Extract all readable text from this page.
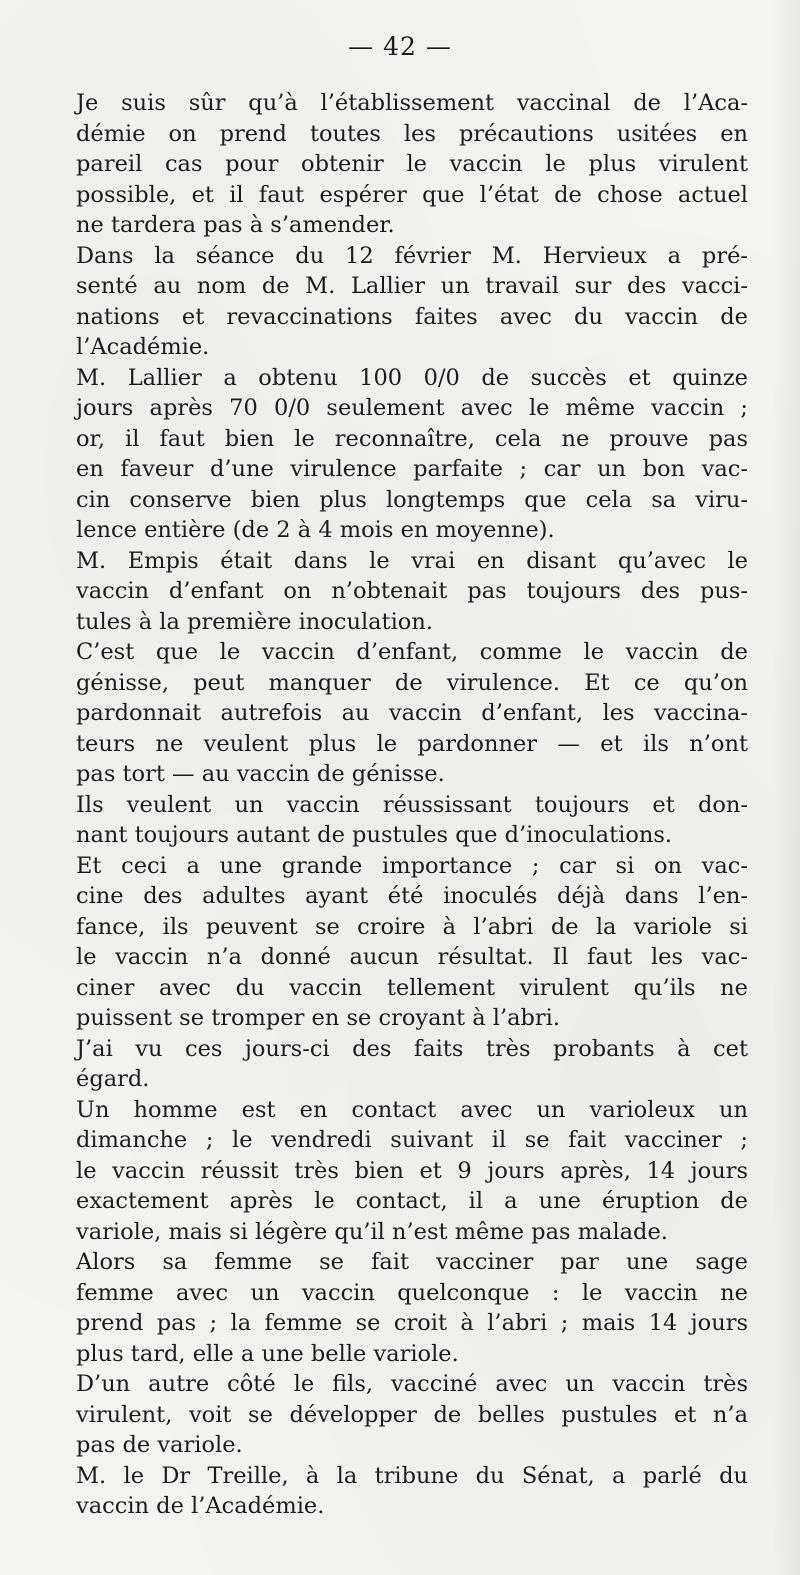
— 42 —
Je suis sûr qu’à l’établissement vaccinal de l’Aca-
démie on prend toutes les précautions usitées en
pareil cas pour obtenir le vaccin le plus virulent
possible, et il faut espérer que l’état de chose actuel
ne tardera pas à s’amender.
Dans la séance du 12 février M. Hervieux a pré-
senté au nom de M. Lallier un travail sur des vacci-
nations et revaccinations faites avec du vaccin de
l’Académie.
M. Lallier a obtenu 100 0/0 de succès et quinze
jours après 70 0/0 seulement avec le même vaccin ;
or, il faut bien le reconnaître, cela ne prouve pas
en faveur d’une virulence parfaite ; car un bon vac-
cin conserve bien plus longtemps que cela sa viru-
lence entière (de 2 à 4 mois en moyenne).
M. Empis était dans le vrai en disant qu’avec le
vaccin d’enfant on n’obtenait pas toujours des pus-
tules à la première inoculation.
C’est que le vaccin d’enfant, comme le vaccin de
génisse, peut manquer de virulence. Et ce qu’on
pardonnait autrefois au vaccin d’enfant, les vaccina-
teurs ne veulent plus le pardonner — et ils n’ont
pas tort — au vaccin de génisse.
Ils veulent un vaccin réussissant toujours et don-
nant toujours autant de pustules que d’inoculations.
Et ceci a une grande importance ; car si on vac-
cine des adultes ayant été inoculés déjà dans l’en-
fance, ils peuvent se croire à l’abri de la variole si
le vaccin n’a donné aucun résultat. Il faut les vac-
ciner avec du vaccin tellement virulent qu’ils ne
puissent se tromper en se croyant à l’abri.
J’ai vu ces jours-ci des faits très probants à cet
égard.
Un homme est en contact avec un varioleux un
dimanche ; le vendredi suivant il se fait vacciner ;
le vaccin réussit très bien et 9 jours après, 14 jours
exactement après le contact, il a une éruption de
variole, mais si légère qu’il n’est même pas malade.
Alors sa femme se fait vacciner par une sage
femme avec un vaccin quelconque : le vaccin ne
prend pas ; la femme se croit à l’abri ; mais 14 jours
plus tard, elle a une belle variole.
D’un autre côté le fils, vacciné avec un vaccin très
virulent, voit se développer de belles pustules et n’a
pas de variole.
M. le Dr Treille, à la tribune du Sénat, a parlé du
vaccin de l’Académie.
